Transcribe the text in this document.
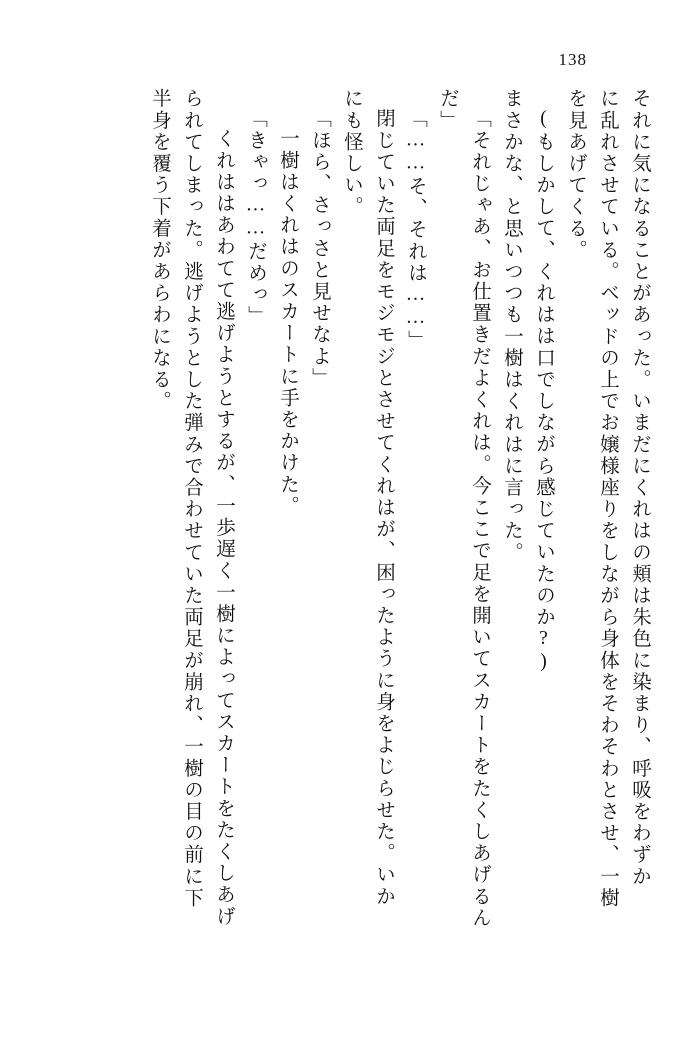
138
それに気になることがあった。いまだにくれはの頬は朱色に染まり、呼吸をわずか
に乱れさせている。ベッドの上でお嬢様座りをしながら身体をそわそわとさせ、一樹
を見あげてくる。
(もしかして、くれはは口でしながら感じていたのか?)
まさかな、と思いつつも一樹はくれはに言った。
「それじゃあ、お仕置きだよくれは。今ここで足を開いてスカートをたくしあげるん
だ」
「……そ、それは……」
閉じていた両足をモジモジとさせてくれはが、困ったように身をよじらせた。いか
にも怪しい。
「ほら、さっさと見せなよ」
一樹はくれはのスカートに手をかけた。
「きゃっ……だめっ」
くれははあわてて逃げようとするが、一歩遅く一樹によってスカートをたくしあげ
られてしまった。逃げようとした弾みで合わせていた両足が崩れ、一樹の目の前に下
半身を覆う下着があらわになる。
